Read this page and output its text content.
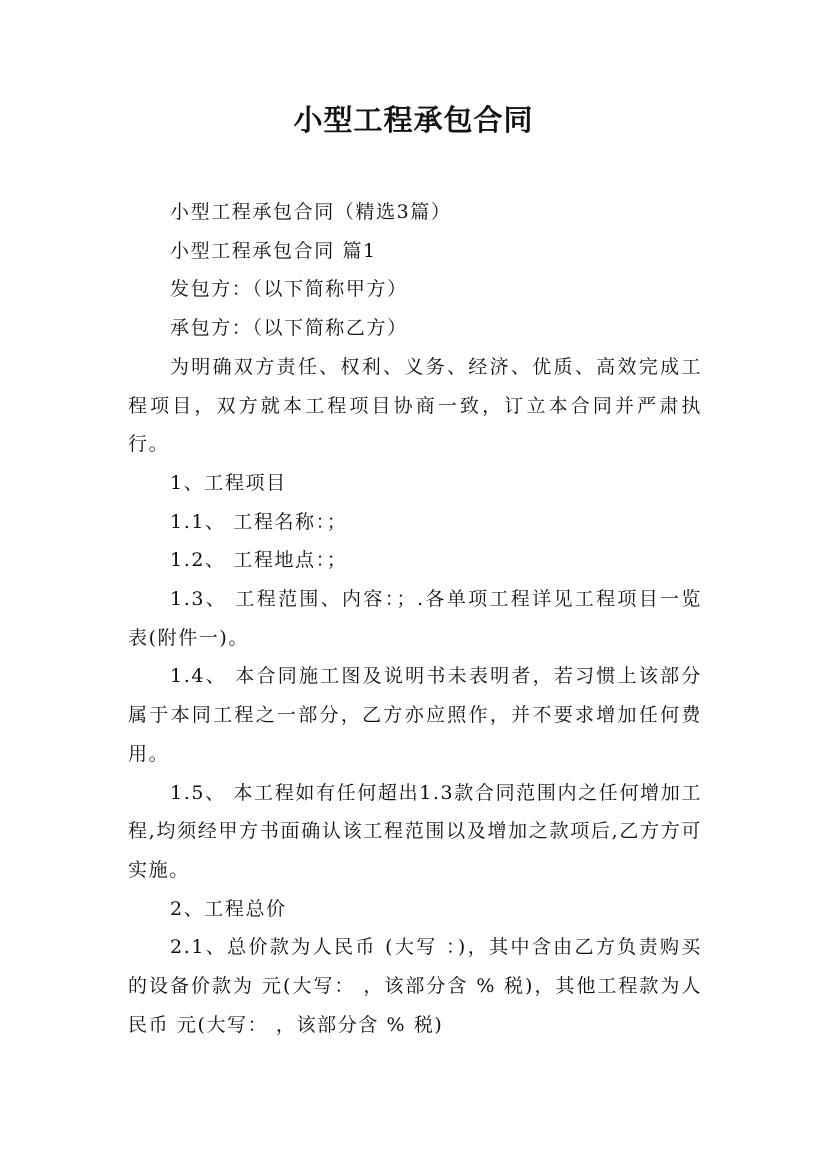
小型工程承包合同

小型工程承包合同（精选3篇）

小型工程承包合同 篇1

发包方：（以下简称甲方）

承包方：（以下简称乙方）

为明确双方责任、权利、义务、经济、优质、高效完成工程项目，双方就本工程项目协商一致，订立本合同并严肃执行。

1、工程项目

1.1、 工程名称：；

1.2、 工程地点：；

1.3、 工程范围、内容：；.各单项工程详见工程项目一览表(附件一)。

1.4、 本合同施工图及说明书未表明者，若习惯上该部分属于本同工程之一部分，乙方亦应照作，并不要求增加任何费用。

1.5、 本工程如有任何超出1.3款合同范围内之任何增加工程,均须经甲方书面确认该工程范围以及增加之款项后,乙方方可实施。

2、工程总价

2.1、总价款为人民币 (大写 ：)，其中含由乙方负责购买的设备价款为 元(大写： ，该部分含 % 税)，其他工程款为人民币 元(大写： ，该部分含 % 税)
